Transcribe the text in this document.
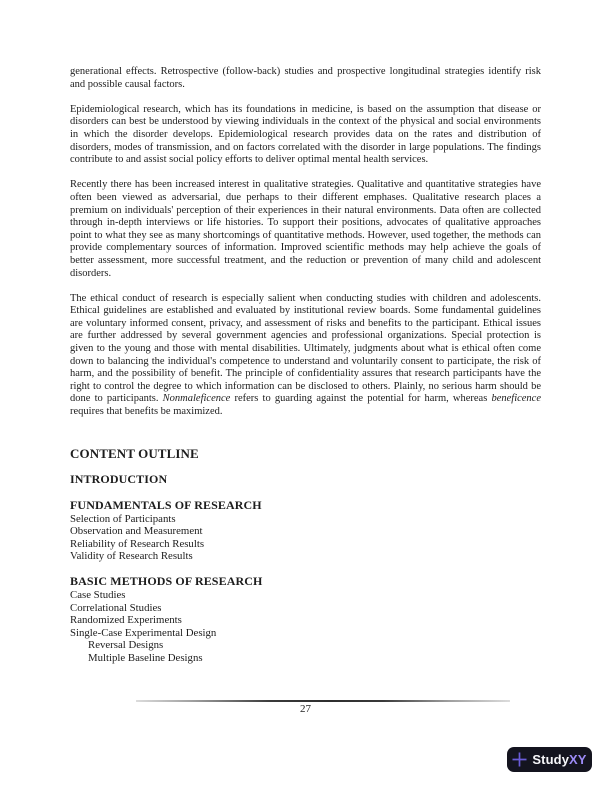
generational effects. Retrospective (follow-back) studies and prospective longitudinal strategies identify risk and possible causal factors.

Epidemiological research, which has its foundations in medicine, is based on the assumption that disease or disorders can best be understood by viewing individuals in the context of the physical and social environments in which the disorder develops. Epidemiological research provides data on the rates and distribution of disorders, modes of transmission, and on factors correlated with the disorder in large populations. The findings contribute to and assist social policy efforts to deliver optimal mental health services.

Recently there has been increased interest in qualitative strategies. Qualitative and quantitative strategies have often been viewed as adversarial, due perhaps to their different emphases. Qualitative research places a premium on individuals' perception of their experiences in their natural environments. Data often are collected through in-depth interviews or life histories. To support their positions, advocates of qualitative approaches point to what they see as many shortcomings of quantitative methods. However, used together, the methods can provide complementary sources of information. Improved scientific methods may help achieve the goals of better assessment, more successful treatment, and the reduction or prevention of many child and adolescent disorders.

The ethical conduct of research is especially salient when conducting studies with children and adolescents. Ethical guidelines are established and evaluated by institutional review boards. Some fundamental guidelines are voluntary informed consent, privacy, and assessment of risks and benefits to the participant. Ethical issues are further addressed by several government agencies and professional organizations. Special protection is given to the young and those with mental disabilities. Ultimately, judgments about what is ethical often come down to balancing the individual's competence to understand and voluntarily consent to participate, the risk of harm, and the possibility of benefit. The principle of confidentiality assures that research participants have the right to control the degree to which information can be disclosed to others. Plainly, no serious harm should be done to participants. Nonmaleficence refers to guarding against the potential for harm, whereas beneficence requires that benefits be maximized.

CONTENT OUTLINE
INTRODUCTION
FUNDAMENTALS OF RESEARCH
Selection of Participants
Observation and Measurement
Reliability of Research Results
Validity of Research Results
BASIC METHODS OF RESEARCH
Case Studies
Correlational Studies
Randomized Experiments
Single-Case Experimental Design
Reversal Designs
Multiple Baseline Designs
27
StudyXY
